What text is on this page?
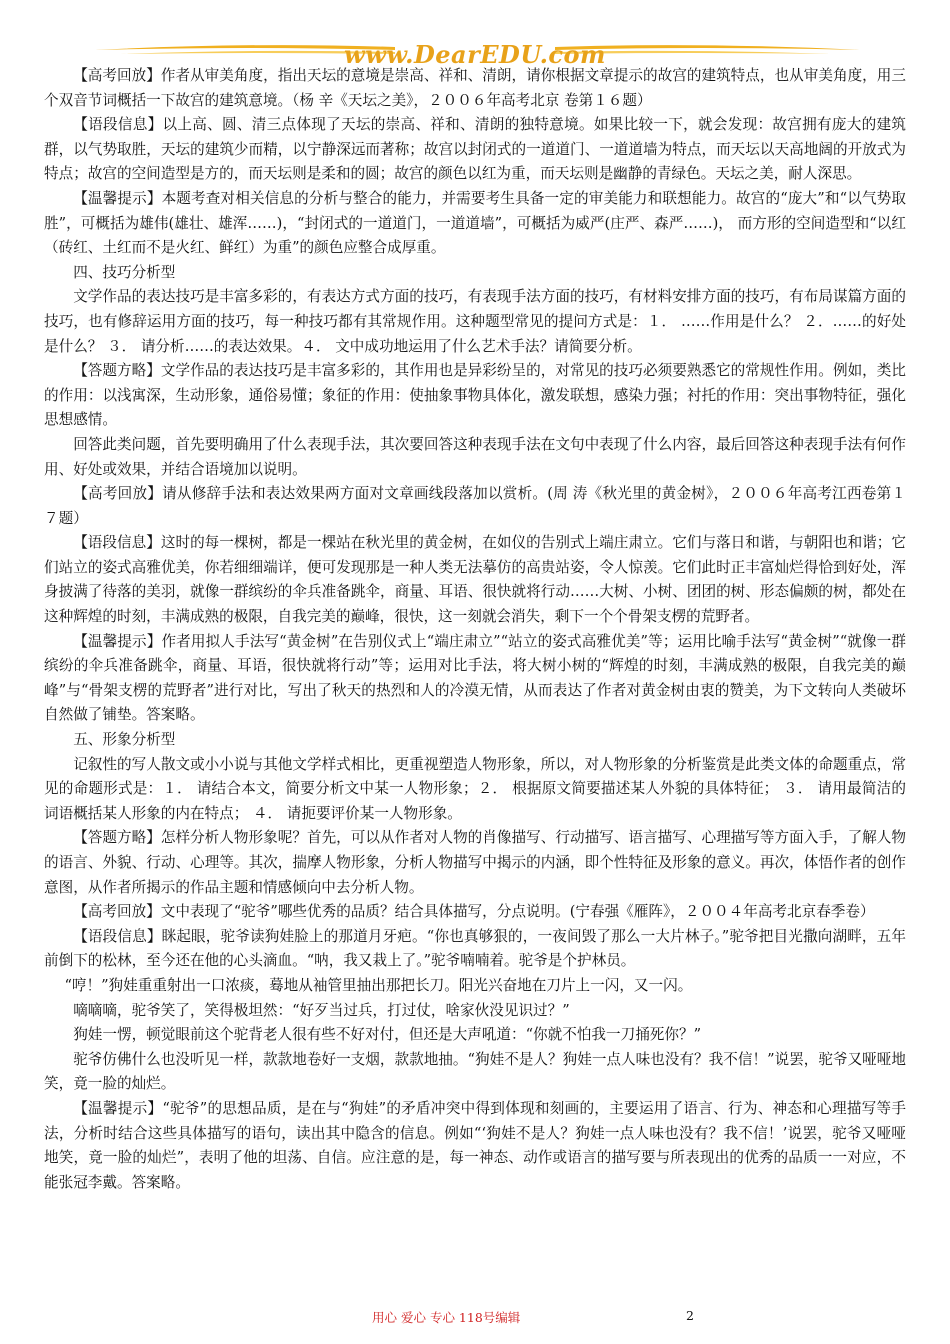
www.DearEDU.com

【高考回放】作者从审美角度，指出天坛的意境是崇高、祥和、清朗，请你根据文章提示的故宫的建筑特点，也从审美角度，用三个双音节词概括一下故宫的建筑意境。（杨 辛《天坛之美》，２００６年高考北京 卷第１６题）

【语段信息】以上高、圆、清三点体现了天坛的崇高、祥和、清朗的独特意境。如果比较一下，就会发现：故宫拥有庞大的建筑群，以气势取胜，天坛的建筑少而精，以宁静深远而著称；故宫以封闭式的一道道门、一道道墙为特点，而天坛以天高地阔的开放式为特点；故宫的空间造型是方的，而天坛则是柔和的圆；故宫的颜色以红为重，而天坛则是幽静的青绿色。天坛之美，耐人深思。

【温馨提示】本题考查对相关信息的分析与整合的能力，并需要考生具备一定的审美能力和联想能力。故宫的“庞大”和“以气势取胜”，可概括为雄伟(雄壮、雄浑……)，“封闭式的一道道门，一道道墙”，可概括为威严(庄严、森严……)， 而方形的空间造型和“以红（砖红、土红而不是火红、鲜红）为重”的颜色应整合成厚重。

四、技巧分析型

文学作品的表达技巧是丰富多彩的，有表达方式方面的技巧，有表现手法方面的技巧，有材料安排方面的技巧，有布局谋篇方面的技巧，也有修辞运用方面的技巧，每一种技巧都有其常规作用。这种题型常见的提问方式是：１． ……作用是什么？ ２．……的好处是什么？ ３． 请分析……的表达效果。４． 文中成功地运用了什么艺术手法？请简要分析。

【答题方略】文学作品的表达技巧是丰富多彩的，其作用也是异彩纷呈的，对常见的技巧必须要熟悉它的常规性作用。例如，类比的作用：以浅寓深，生动形象，通俗易懂；象征的作用：使抽象事物具体化，激发联想，感染力强；衬托的作用：突出事物特征，强化思想感情。

回答此类问题，首先要明确用了什么表现手法，其次要回答这种表现手法在文句中表现了什么内容，最后回答这种表现手法有何作用、好处或效果，并结合语境加以说明。

【高考回放】请从修辞手法和表达效果两方面对文章画线段落加以赏析。(周 涛《秋光里的黄金树》，２００６年高考江西卷第１７题）

【语段信息】这时的每一棵树，都是一棵站在秋光里的黄金树，在如仪的告别式上端庄肃立。它们与落日和谐，与朝阳也和谐；它们站立的姿式高雅优美，你若细细端详，便可发现那是一种人类无法摹仿的高贵站姿，令人惊羡。它们此时正丰富灿烂得恰到好处，浑身披满了待落的美羽，就像一群缤纷的伞兵准备跳伞，商量、耳语、很快就将行动……大树、小树、团团的树、形态偏颇的树，都处在这种辉煌的时刻，丰满成熟的极限，自我完美的巅峰，很快，这一刻就会消失，剩下一个个骨架支楞的荒野者。

【温馨提示】作者用拟人手法写“黄金树”在告别仪式上“端庄肃立”“站立的姿式高雅优美”等；运用比喻手法写“黄金树”“就像一群缤纷的伞兵准备跳伞，商量、耳语，很快就将行动”等；运用对比手法，将大树小树的“辉煌的时刻，丰满成熟的极限，自我完美的巅峰”与“骨架支楞的荒野者”进行对比，写出了秋天的热烈和人的冷漠无情，从而表达了作者对黄金树由衷的赞美，为下文转向人类破坏自然做了铺垫。答案略。

五、形象分析型

记叙性的写人散文或小小说与其他文学样式相比，更重视塑造人物形象，所以，对人物形象的分析鉴赏是此类文体的命题重点，常见的命题形式是：１． 请结合本文，简要分析文中某一人物形象；２． 根据原文简要描述某人外貌的具体特征； ３． 请用最简洁的词语概括某人形象的内在特点； ４． 请扼要评价某一人物形象。

【答题方略】怎样分析人物形象呢？首先，可以从作者对人物的肖像描写、行动描写、语言描写、心理描写等方面入手，了解人物的语言、外貌、行动、心理等。其次，揣摩人物形象，分析人物描写中揭示的内涵，即个性特征及形象的意义。再次，体悟作者的创作意图，从作者所揭示的作品主题和情感倾向中去分析人物。

【高考回放】文中表现了“驼爷”哪些优秀的品质？结合具体描写，分点说明。(宁春强《雁阵》，２００４年高考北京春季卷）

【语段信息】眯起眼，驼爷读狗娃脸上的那道月牙疤。“你也真够狠的，一夜间毁了那么一大片林子。”驼爷把目光撒向湖畔，五年前倒下的松林，至今还在他的心头滴血。“呐，我又栽上了。”驼爷喃喃着。驼爷是个护林员。

“哼！”狗娃重重射出一口浓痰，蓦地从袖管里抽出那把长刀。阳光兴奋地在刀片上一闪，又一闪。

嘀嘀嘀，驼爷笑了，笑得极坦然：“好歹当过兵，打过仗，啥家伙没见识过？”

狗娃一愣，顿觉眼前这个驼背老人很有些不好对付，但还是大声吼道：“你就不怕我一刀捅死你？”

驼爷仿佛什么也没听见一样，款款地卷好一支烟，款款地抽。“狗娃不是人？狗娃一点人味也没有？我不信！”说罢，驼爷又哑哑地笑，竟一脸的灿烂。

【温馨提示】“驼爷”的思想品质，是在与“狗娃”的矛盾冲突中得到体现和刻画的，主要运用了语言、行为、神态和心理描写等手法，分析时结合这些具体描写的语句，读出其中隐含的信息。例如“‘狗娃不是人？狗娃一点人味也没有？我不信！’说罢，驼爷又哑哑地笑，竟一脸的灿烂”，表明了他的坦荡、自信。应注意的是，每一神态、动作或语言的描写要与所表现出的优秀的品质一一对应，不能张冠李戴。答案略。

用心 爱心 专心 118号编辑	2
